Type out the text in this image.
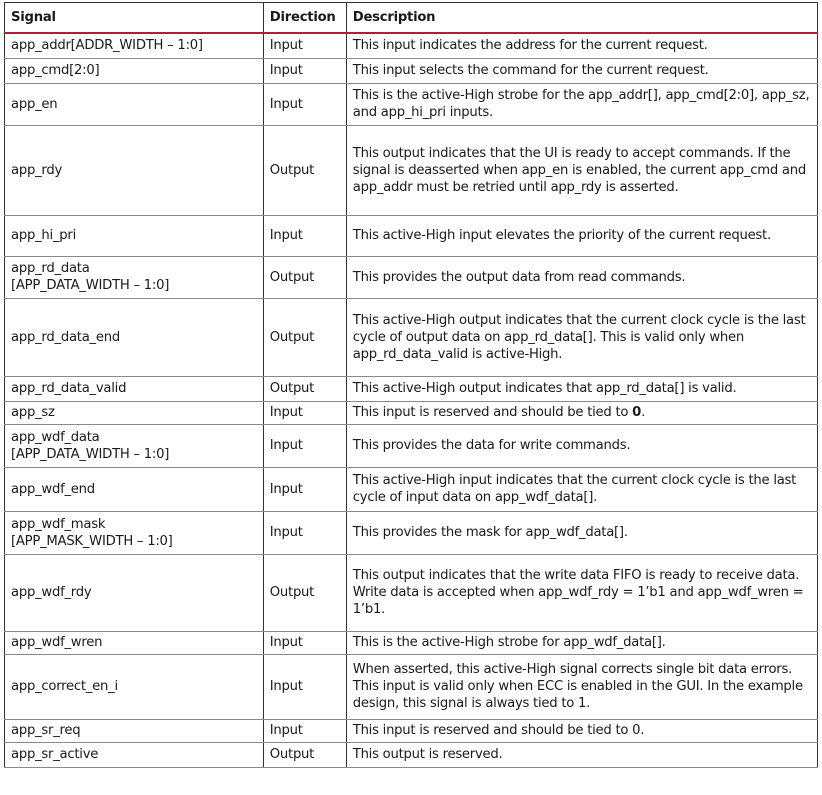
Signal	Direction	Description

app_addr[ADDR_WIDTH – 1:0]	Input	This input indicates the address for the current request.

app_cmd[2:0]	Input	This input selects the command for the current request.

app_en	Input	This is the active-High strobe for the app_addr[], app_cmd[2:0], app_sz, and app_hi_pri inputs.

app_rdy	Output	This output indicates that the UI is ready to accept commands. If the signal is deasserted when app_en is enabled, the current app_cmd and app_addr must be retried until app_rdy is asserted.

app_hi_pri	Input	This active-High input elevates the priority of the current request.

app_rd_data
[APP_DATA_WIDTH – 1:0]	Output	This provides the output data from read commands.

app_rd_data_end	Output	This active-High output indicates that the current clock cycle is the last cycle of output data on app_rd_data[]. This is valid only when app_rd_data_valid is active-High.

app_rd_data_valid	Output	This active-High output indicates that app_rd_data[] is valid.

app_sz	Input	This input is reserved and should be tied to 0.

app_wdf_data
[APP_DATA_WIDTH – 1:0]	Input	This provides the data for write commands.

app_wdf_end	Input	This active-High input indicates that the current clock cycle is the last cycle of input data on app_wdf_data[].

app_wdf_mask
[APP_MASK_WIDTH – 1:0]	Input	This provides the mask for app_wdf_data[].

app_wdf_rdy	Output	This output indicates that the write data FIFO is ready to receive data. Write data is accepted when app_wdf_rdy = 1’b1 and app_wdf_wren = 1’b1.

app_wdf_wren	Input	This is the active-High strobe for app_wdf_data[].

app_correct_en_i	Input	When asserted, this active-High signal corrects single bit data errors. This input is valid only when ECC is enabled in the GUI. In the example design, this signal is always tied to 1.

app_sr_req	Input	This input is reserved and should be tied to 0.

app_sr_active	Output	This output is reserved.
